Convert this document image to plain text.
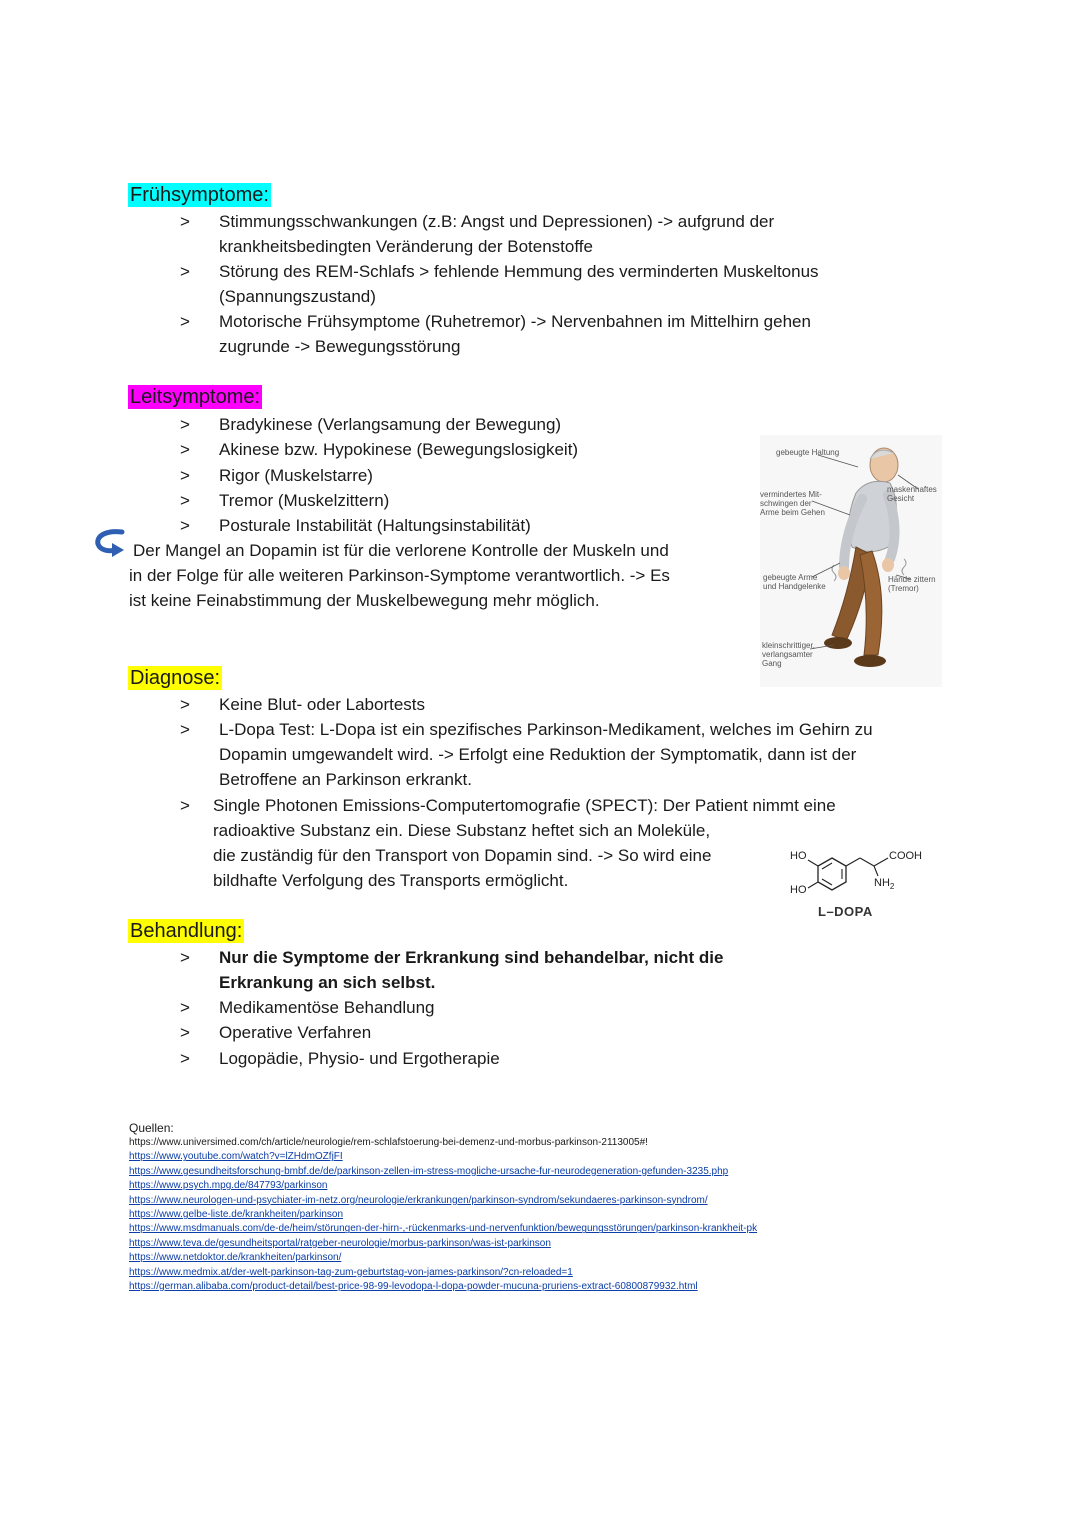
Frühsymptome:
>	Stimmungsschwankungen (z.B: Angst und Depressionen) -> aufgrund der
krankheitsbedingten Veränderung der Botenstoffe
>	Störung des REM-Schlafs > fehlende Hemmung des verminderten Muskeltonus
(Spannungszustand)
>	Motorische Frühsymptome (Ruhetremor) -> Nervenbahnen im Mittelhirn gehen
zugrunde -> Bewegungsstörung
Leitsymptome:
>	Bradykinese (Verlangsamung der Bewegung)
>	Akinese bzw. Hypokinese (Bewegungslosigkeit)
>	Rigor (Muskelstarre)
>	Tremor (Muskelzittern)
>	Posturale Instabilität (Haltungsinstabilität)
Der Mangel an Dopamin ist für die verlorene Kontrolle der Muskeln und
in der Folge für alle weiteren Parkinson-Symptome verantwortlich. -> Es
ist keine Feinabstimmung der Muskelbewegung mehr möglich.
gebeugte Haltung
maskenhaftes
Gesicht
vermindertes Mit-
schwingen der
Arme beim Gehen
gebeugte Arme
und Handgelenke
Hände zittern
(Tremor)
kleinschrittiger,
verlangsamter
Gang
Diagnose:
>	Keine Blut- oder Labortests
>	L-Dopa Test: L-Dopa ist ein spezifisches Parkinson-Medikament, welches im Gehirn zu
Dopamin umgewandelt wird. -> Erfolgt eine Reduktion der Symptomatik, dann ist der
Betroffene an Parkinson erkrankt.
>	Single Photonen Emissions-Computertomografie (SPECT): Der Patient nimmt eine
radioaktive Substanz ein. Diese Substanz heftet sich an Moleküle,
die zuständig für den Transport von Dopamin sind. -> So wird eine
bildhafte Verfolgung des Transports ermöglicht.
HO
HO
COOH
$NH_2$
L–DOPA
Behandlung:
>	Nur die Symptome der Erkrankung sind behandelbar, nicht die
Erkrankung an sich selbst.
>	Medikamentöse Behandlung
>	Operative Verfahren
>	Logopädie, Physio- und Ergotherapie
Quellen:
https://www.universimed.com/ch/article/neurologie/rem-schlafstoerung-bei-demenz-und-morbus-parkinson-2113005#!
https://www.youtube.com/watch?v=lZHdmOZfjFI
https://www.gesundheitsforschung-bmbf.de/de/parkinson-zellen-im-stress-mogliche-ursache-fur-neurodegeneration-gefunden-3235.php
https://www.psych.mpg.de/847793/parkinson
https://www.neurologen-und-psychiater-im-netz.org/neurologie/erkrankungen/parkinson-syndrom/sekundaeres-parkinson-syndrom/
https://www.gelbe-liste.de/krankheiten/parkinson
https://www.msdmanuals.com/de-de/heim/störungen-der-hirn-,-rückenmarks-und-nervenfunktion/bewegungsstörungen/parkinson-krankheit-pk
https://www.teva.de/gesundheitsportal/ratgeber-neurologie/morbus-parkinson/was-ist-parkinson
https://www.netdoktor.de/krankheiten/parkinson/
https://www.medmix.at/der-welt-parkinson-tag-zum-geburtstag-von-james-parkinson/?cn-reloaded=1
https://german.alibaba.com/product-detail/best-price-98-99-levodopa-l-dopa-powder-mucuna-pruriens-extract-60800879932.html
